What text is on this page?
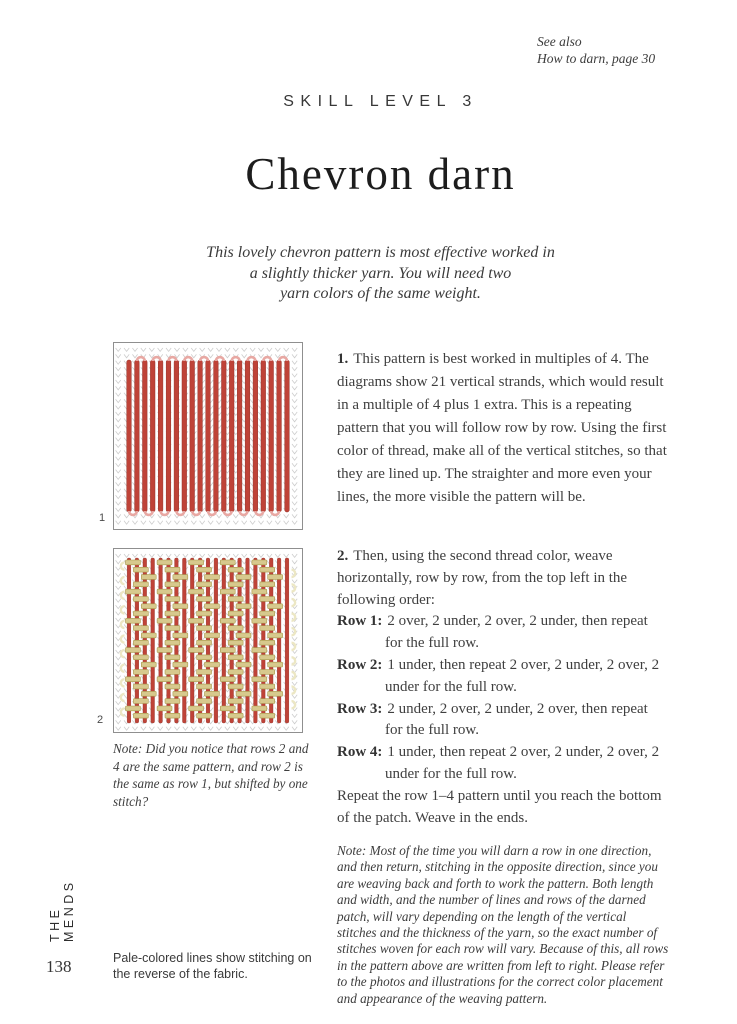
See also
How to darn, page 30
SKILL LEVEL 3
Chevron darn
This lovely chevron pattern is most effective worked in
a slightly thicker yarn. You will need two
yarn colors of the same weight.
1
2
Note: Did you notice that rows 2 and 4 are the same pattern, and row 2 is the same as row 1, but shifted by one stitch?

1. This pattern is best worked in multiples of 4. The diagrams show 21 vertical strands, which would result in a multiple of 4 plus 1 extra. This is a repeating pattern that you will follow row by row. Using the first color of thread, make all of the vertical stitches, so that they are lined up. The straighter and more even your lines, the more visible the pattern will be.

2. Then, using the second thread color, weave horizontally, row by row, from the top left in the following order:

Row 1: 2 over, 2 under, 2 over, 2 under, then repeat for the full row.

Row 2: 1 under, then repeat 2 over, 2 under, 2 over, 2 under for the full row.

Row 3: 2 under, 2 over, 2 under, 2 over, then repeat for the full row.

Row 4: 1 under, then repeat 2 over, 2 under, 2 over, 2 under for the full row.

Repeat the row 1–4 pattern until you reach the bottom of the patch. Weave in the ends.

Note: Most of the time you will darn a row in one direction, and then return, stitching in the opposite direction, since you are weaving back and forth to work the pattern. Both length and width, and the number of lines and rows of the darned patch, will vary depending on the length of the vertical stitches and the thickness of the yarn, so the exact number of stitches woven for each row will vary. Because of this, all rows in the pattern above are written from left to right. Please refer to the photos and illustrations for the correct color placement and appearance of the weaving pattern.
THE MENDS
138	Pale-colored lines show stitching on the reverse of the fabric.
